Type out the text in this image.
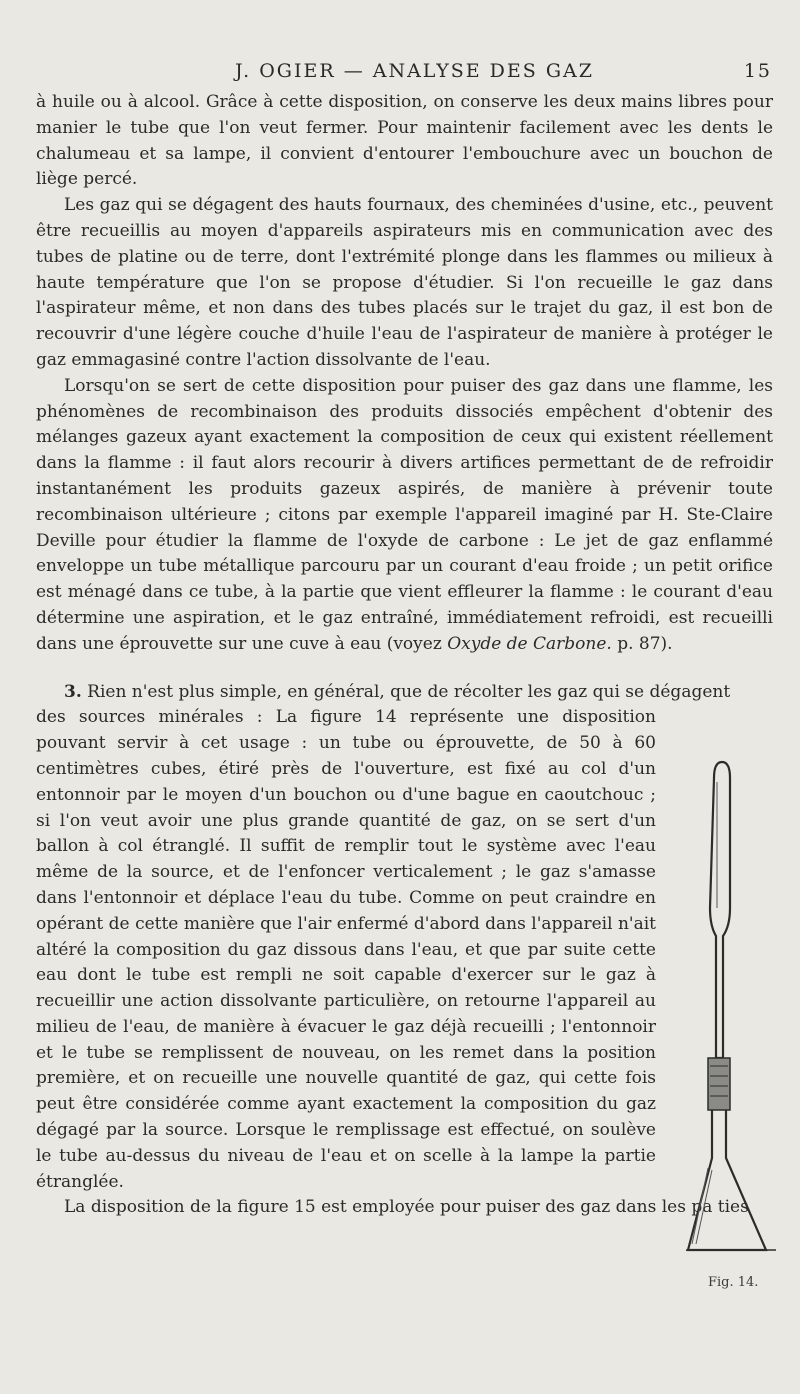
J. OGIER — ANALYSE DES GAZ	15

à huile ou à alcool. Grâce à cette disposition, on conserve les deux mains libres pour manier le tube que l'on veut fermer. Pour maintenir facilement avec les dents le chalumeau et sa lampe, il convient d'entourer l'embouchure avec un bouchon de liège percé.

Les gaz qui se dégagent des hauts fournaux, des cheminées d'usine, etc., peuvent être recueillis au moyen d'appareils aspirateurs mis en communication avec des tubes de platine ou de terre, dont l'extrémité plonge dans les flammes ou milieux à haute température que l'on se propose d'étudier. Si l'on recueille le gaz dans l'aspirateur même, et non dans des tubes placés sur le trajet du gaz, il est bon de recouvrir d'une légère couche d'huile l'eau de l'aspirateur de manière à protéger le gaz emmagasiné contre l'action dissolvante de l'eau.

Lorsqu'on se sert de cette disposition pour puiser des gaz dans une flamme, les phénomènes de recombinaison des produits dissociés empêchent d'obtenir des mélanges gazeux ayant exactement la composition de ceux qui existent réellement dans la flamme : il faut alors recourir à divers artifices permettant de de refroidir instantanément les produits gazeux aspirés, de manière à prévenir toute recombinaison ultérieure ; citons par exemple l'appareil imaginé par H. Ste-Claire Deville pour étudier la flamme de l'oxyde de carbone : Le jet de gaz enflammé enveloppe un tube métallique parcouru par un courant d'eau froide ; un petit orifice est ménagé dans ce tube, à la partie que vient effleurer la flamme : le courant d'eau détermine une aspiration, et le gaz entraîné, immédiatement refroidi, est recueilli dans une éprouvette sur une cuve à eau (voyez Oxyde de Carbone. p. 87).

3. Rien n'est plus simple, en général, que de récolter les gaz qui se dégagent

des sources minérales : La figure 14 représente une disposition pouvant servir à cet usage : un tube ou éprouvette, de 50 à 60 centimètres cubes, étiré près de l'ouverture, est fixé au col d'un entonnoir par le moyen d'un bouchon ou d'une bague en caoutchouc ; si l'on veut avoir une plus grande quantité de gaz, on se sert d'un ballon à col étranglé. Il suffit de remplir tout le système avec l'eau même de la source, et de l'enfoncer verticalement ; le gaz s'amasse dans l'entonnoir et déplace l'eau du tube. Comme on peut craindre en opérant de cette manière que l'air enfermé d'abord dans l'appareil n'ait altéré la composition du gaz dissous dans l'eau, et que par suite cette eau dont le tube est rempli ne soit capable d'exercer sur le gaz à recueillir une action dissolvante particulière, on retourne l'appareil au milieu de l'eau, de manière à évacuer le gaz déjà recueilli ; l'entonnoir et le tube se remplissent de nouveau, on les remet dans la position première, et on recueille une nouvelle quantité de gaz, qui cette fois peut être considérée comme ayant exactement la composition du gaz dégagé par la source. Lorsque le remplissage est effectué, on soulève le tube au-dessus du niveau de l'eau et on scelle à la lampe la partie étranglée.

La disposition de la figure 15 est employée pour puiser des gaz dans les pa ties

Fig. 14.
